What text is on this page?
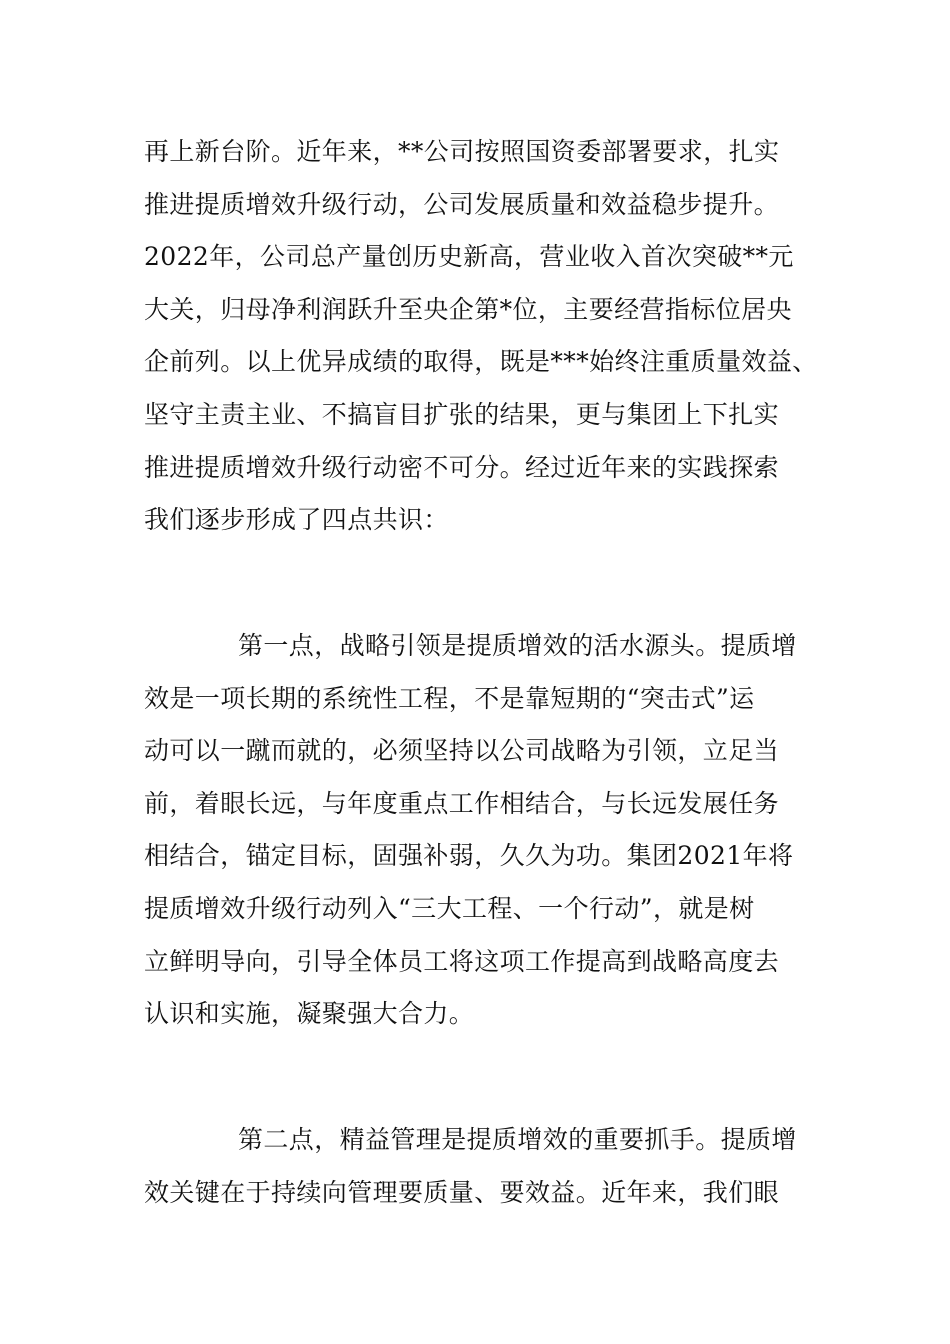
再上新台阶。近年来，**公司按照国资委部署要求，扎实
推进提质增效升级行动，公司发展质量和效益稳步提升。
2022年，公司总产量创历史新高，营业收入首次突破**元
大关，归母净利润跃升至央企第*位，主要经营指标位居央
企前列。以上优异成绩的取得，既是***始终注重质量效益、
坚守主责主业、不搞盲目扩张的结果，更与集团上下扎实
推进提质增效升级行动密不可分。经过近年来的实践探索
我们逐步形成了四点共识：
第一点，战略引领是提质增效的活水源头。提质增
效是一项长期的系统性工程，不是靠短期的“突击式”运
动可以一蹴而就的，必须坚持以公司战略为引领，立足当
前，着眼长远，与年度重点工作相结合，与长远发展任务
相结合，锚定目标，固强补弱，久久为功。集团2021年将
提质增效升级行动列入“三大工程、一个行动”，就是树
立鲜明导向，引导全体员工将这项工作提高到战略高度去
认识和实施，凝聚强大合力。
第二点，精益管理是提质增效的重要抓手。提质增
效关键在于持续向管理要质量、要效益。近年来，我们眼
